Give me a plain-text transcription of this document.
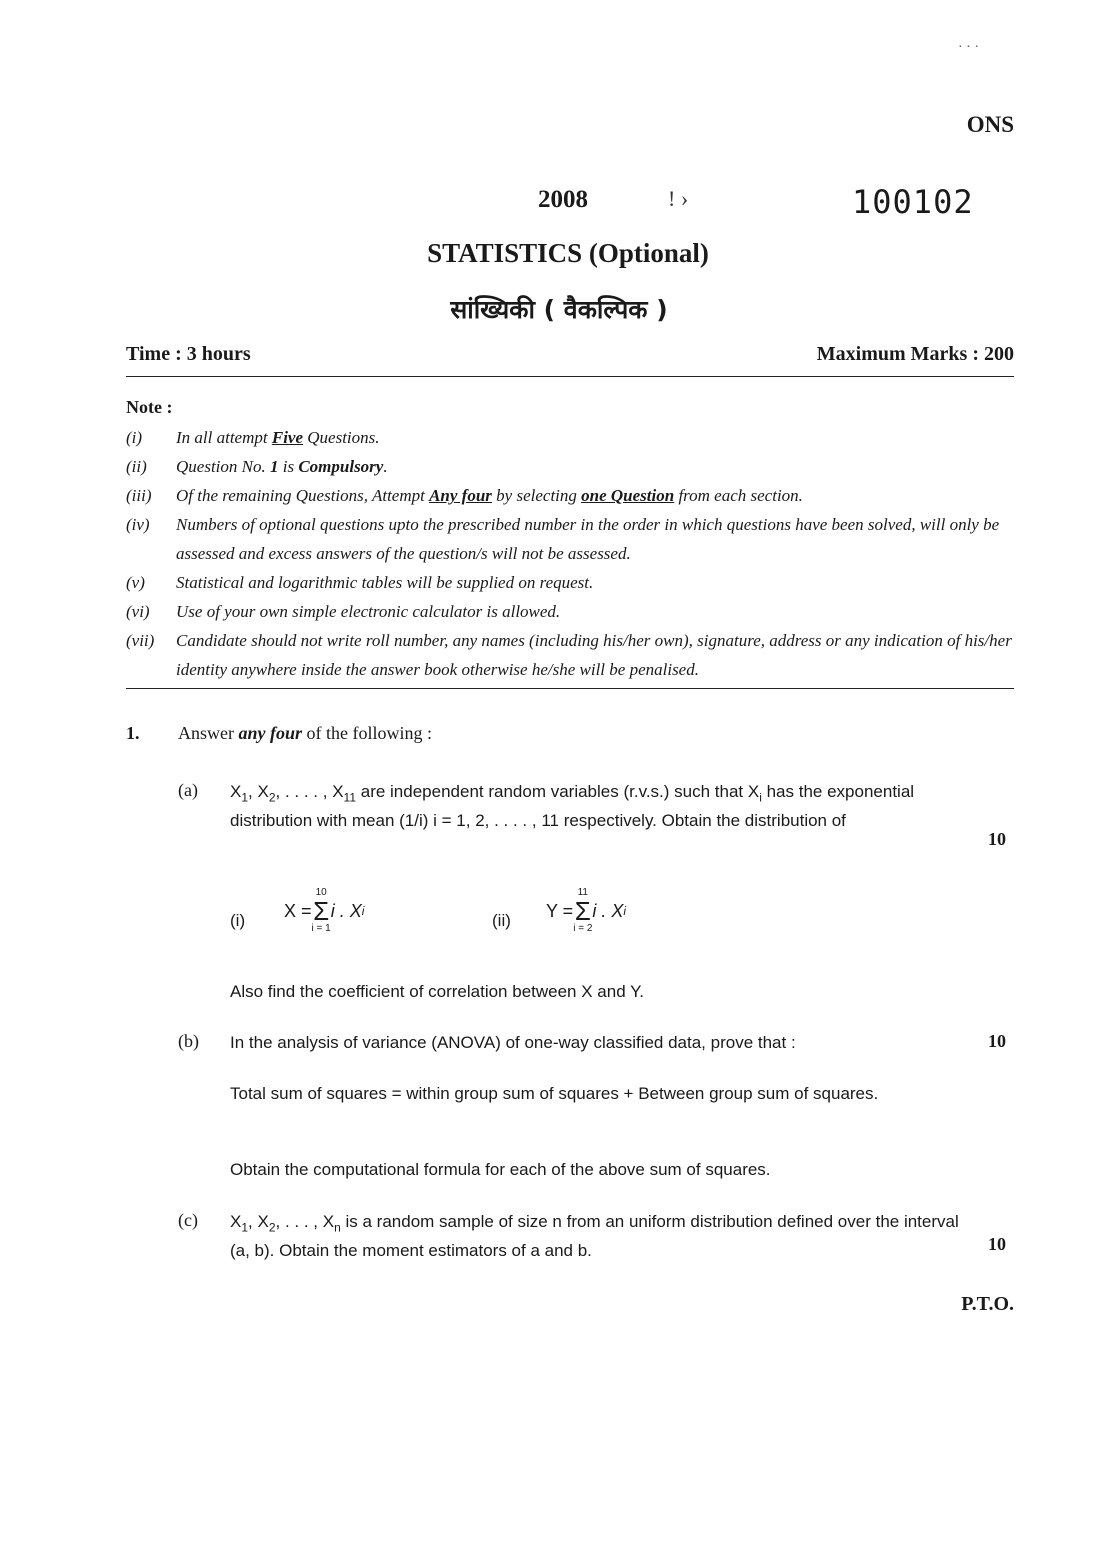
· · ·
ONS
2008	! ›	100102
STATISTICS (Optional)
सांख्यिकी ( वैकल्पिक )
Time : 3 hours	Maximum Marks : 200
Note :
(i) In all attempt Five Questions.
(ii) Question No. 1 is Compulsory.
(iii) Of the remaining Questions, Attempt Any four by selecting one Question from each section.
(iv) Numbers of optional questions upto the prescribed number in the order in which questions have been solved, will only be assessed and excess answers of the question/s will not be assessed.
(v) Statistical and logarithmic tables will be supplied on request.
(vi) Use of your own simple electronic calculator is allowed.
(vii) Candidate should not write roll number, any names (including his/her own), signature, address or any indication of his/her identity anywhere inside the answer book otherwise he/she will be penalised.
1. Answer any four of the following :
(a) $X_1$, $X_2$, . . . . , $X_{11}$ are independent random variables (r.v.s.) such that $X_i$ has the exponential distribution with mean (1/i) i = 1, 2, . . . . , 11 respectively. Obtain the distribution of
10
(i) X =
10
Σ
i = 1
i . X i	(ii) Y =
11
Σ
i = 2
i . X i
Also find the coefficient of correlation between X and Y.
(b) In the analysis of variance (ANOVA) of one-way classified data, prove that :	10
Total sum of squares = within group sum of squares + Between group sum of squares.
Obtain the computational formula for each of the above sum of squares.
(c) $X_1$, $X_2$, . . . , $X_n$ is a random sample of size n from an uniform distribution defined over the interval (a, b). Obtain the moment estimators of a and b.	10
P.T.O.
